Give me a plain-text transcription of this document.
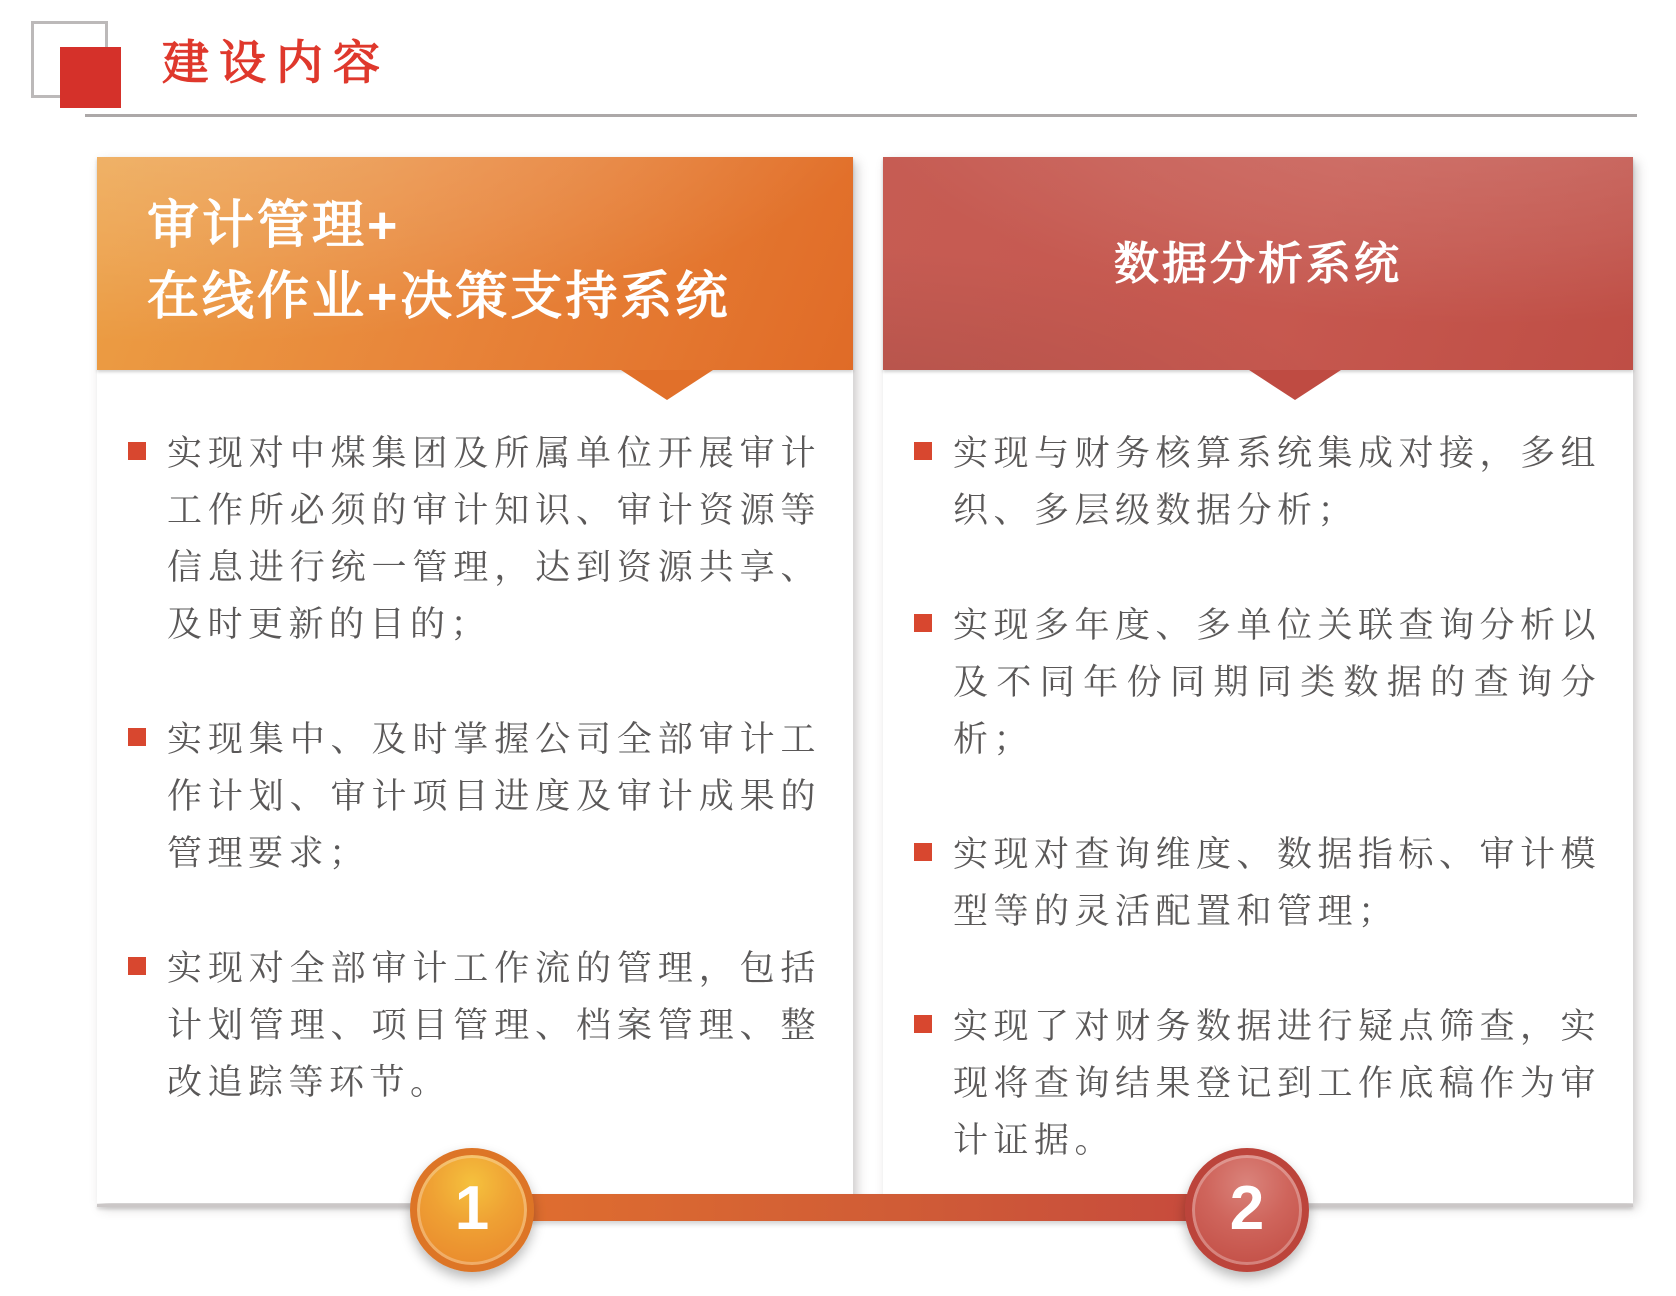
建设内容
审计管理+
在线作业+决策支持系统
实现对中煤集团及所属单位开展审计工作所必须的审计知识、审计资源等信息进行统一管理，达到资源共享、及时更新的目的；
实现集中、及时掌握公司全部审计工作计划、审计项目进度及审计成果的管理要求；
实现对全部审计工作流的管理，包括计划管理、项目管理、档案管理、整改追踪等环节。
数据分析系统
实现与财务核算系统集成对接，多组织、多层级数据分析；
实现多年度、多单位关联查询分析以及不同年份同期同类数据的查询分析；
实现对查询维度、数据指标、审计模型等的灵活配置和管理；
实现了对财务数据进行疑点筛查，实现将查询结果登记到工作底稿作为审计证据。
1	2
